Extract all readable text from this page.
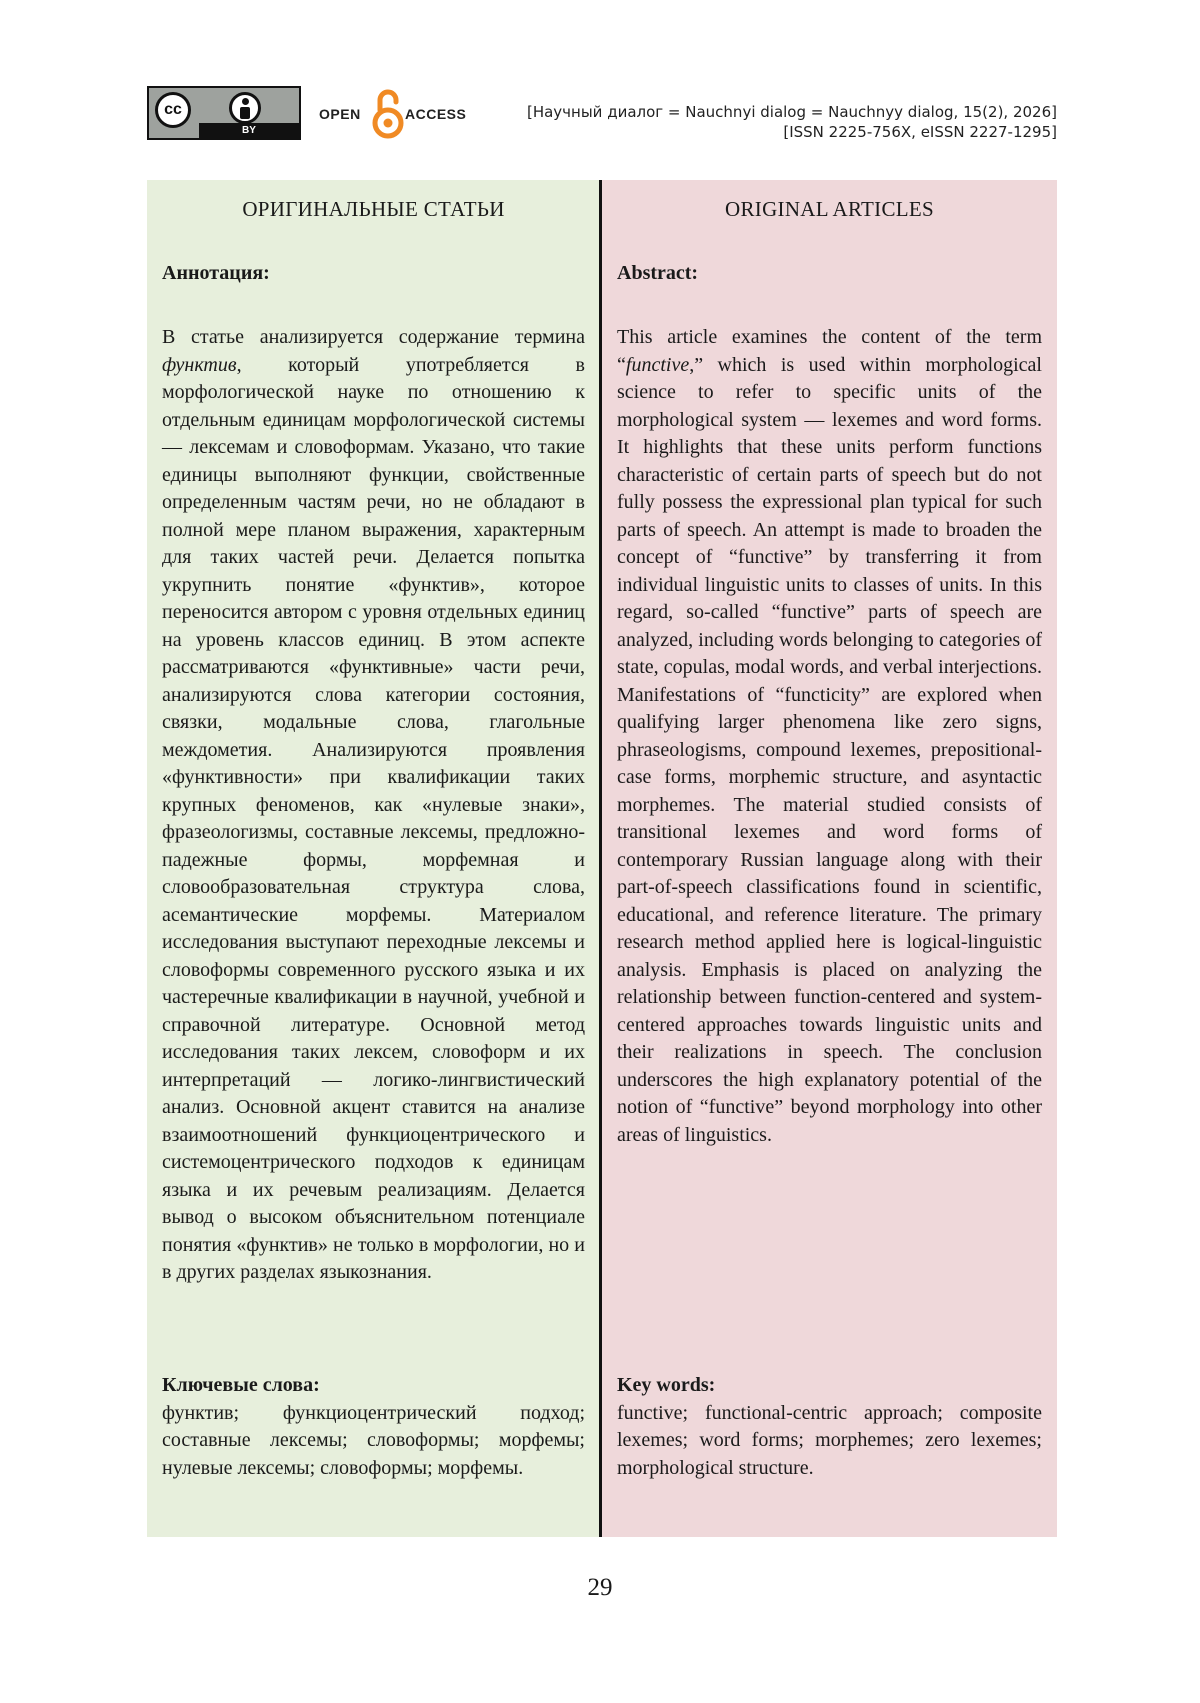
cc
BY
OPEN	ACCESS	[Научный диалог = Nauchnyi dialog = Nauchnyy dialog, 15(2), 2026]
[ISSN 2225-756X, eISSN 2227-1295]
ОРИГИНАЛЬНЫЕ СТАТЬИ
Аннотация:
В статье анализируется содержание термина функтив, который употребляется в морфологической науке по отношению к отдельным единицам морфологической системы — лексемам и словоформам. Указано, что такие единицы выполняют функции, свойственные определенным частям речи, но не обладают в полной мере планом выражения, характерным для таких частей речи. Делается попытка укрупнить понятие «функтив», которое переносится автором с уровня отдельных единиц на уровень классов единиц. В этом аспекте рассматриваются «функтивные» части речи, анализируются слова категории состояния, связки, модальные слова, глагольные междометия. Анализируются проявления «функтивности» при квалификации таких крупных феноменов, как «нулевые знаки», фразеологизмы, составные лексемы, предложно-падежные формы, морфемная и словообразовательная структура слова, асемантические морфемы. Материалом исследования выступают переходные лексемы и словоформы современного русского языка и их частеречные квалификации в научной, учебной и справочной литературе. Основной метод исследования таких лексем, словоформ и их интерпретаций — логико-лингвистический анализ. Основной акцент ставится на анализе взаимоотношений функциоцентрического и системоцентрического подходов к единицам языка и их речевым реализациям. Делается вывод о высоком объяснительном потенциале понятия «функтив» не только в морфологии, но и в других разделах языкознания.
Ключевые слова:
функтив; функциоцентрический подход; составные лексемы; словоформы; морфемы; нулевые лексемы; словоформы; морфемы.
ORIGINAL ARTICLES
Abstract:
This article examines the content of the term “functive,” which is used within morphological science to refer to specific units of the morphological system — lexemes and word forms. It highlights that these units perform functions characteristic of certain parts of speech but do not fully possess the expressional plan typical for such parts of speech. An attempt is made to broaden the concept of “functive” by transferring it from individual linguistic units to classes of units. In this regard, so-called “functive” parts of speech are analyzed, including words belonging to categories of state, copulas, modal words, and verbal interjections. Manifestations of “functicity” are explored when qualifying larger phenomena like zero signs, phraseologisms, compound lexemes, prepositional-case forms, morphemic structure, and asyntactic morphemes. The material studied consists of transitional lexemes and word forms of contemporary Russian language along with their part-of-speech classifications found in scientific, educational, and reference literature. The primary research method applied here is logical-linguistic analysis. Emphasis is placed on analyzing the relationship between function-centered and system-centered approaches towards linguistic units and their realizations in speech. The conclusion underscores the high explanatory potential of the notion of “functive” beyond morphology into other areas of linguistics.
Key words:
functive; functional-centric approach; composite lexemes; word forms; morphemes; zero lexemes; morphological structure.
29
